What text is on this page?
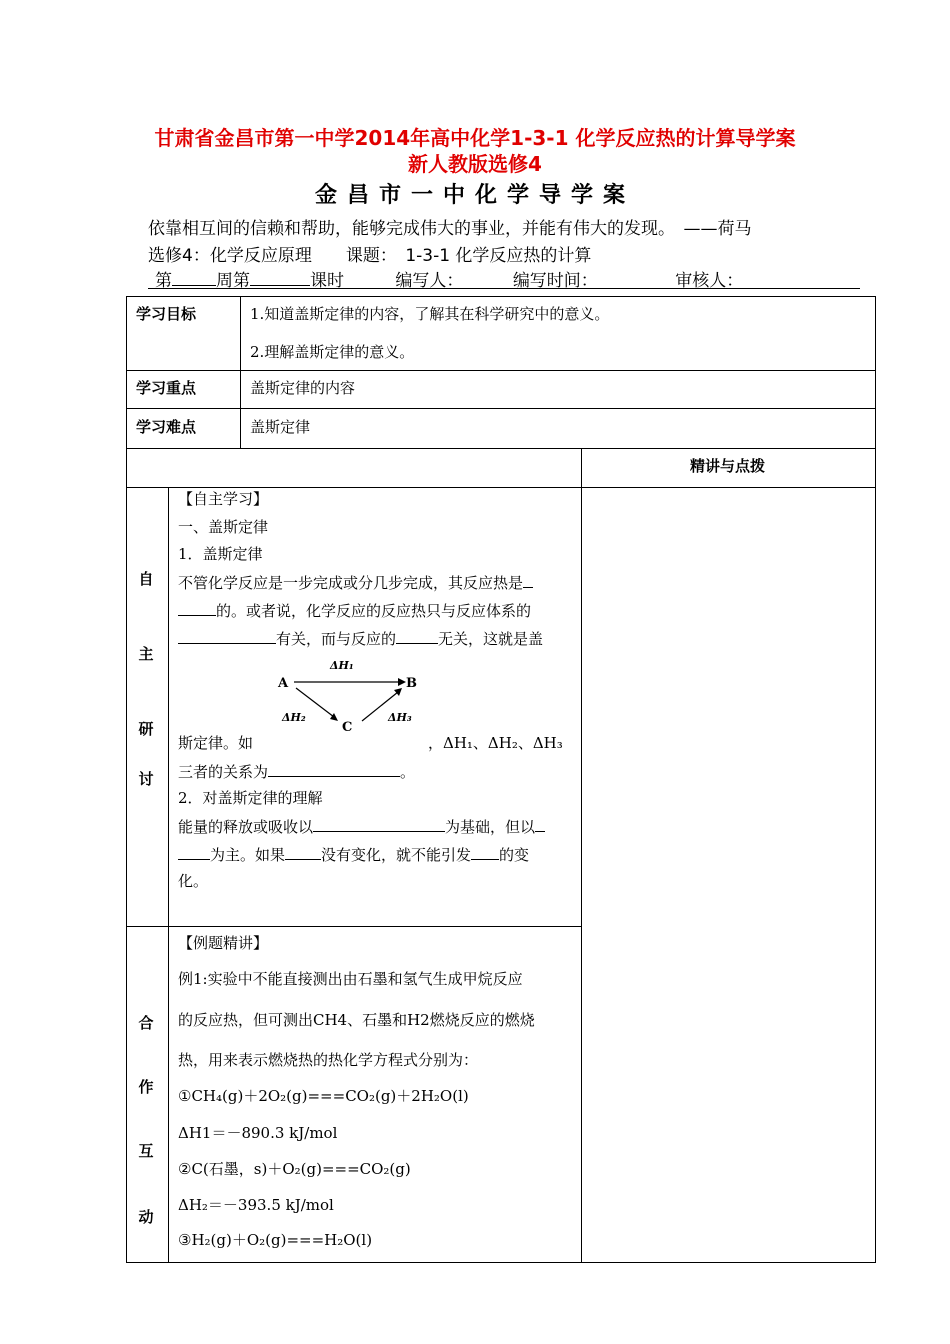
甘肃省金昌市第一中学2014年高中化学1-3-1 化学反应热的计算导学案
新人教版选修4
金昌市一中化学导学案
依靠相互间的信赖和帮助，能够完成伟大的事业，并能有伟大的发现。　——荷马
选修4：化学反应原理　　课题：　1-3-1 化学反应热的计算
第	周第	课时	编写人：	编写时间：	审核人：
学习目标	1.知道盖斯定律的内容，了解其在科学研究中的意义。
2.理解盖斯定律的意义。
学习重点	盖斯定律的内容
学习难点	盖斯定律
精讲与点拨
自
主
研
讨
【自主学习】
一、盖斯定律
1．盖斯定律
不管化学反应是一步完成或分几步完成，其反应热是
的。或者说，化学反应的反应热只与反应体系的
有关，而与反应的	无关，这就是盖
A	B
C
ΔH₁
ΔH₂	ΔH₃
斯定律。如	，ΔH₁、ΔH₂、ΔH₃
三者的关系为	。
2．对盖斯定律的理解
能量的释放或吸收以	为基础，但以
为主。如果 没有变化，就不能引发 的变
化。
合
作
互
动
【例题精讲】
例1:实验中不能直接测出由石墨和氢气生成甲烷反应
的反应热，但可测出CH4、石墨和H2燃烧反应的燃烧
热，用来表示燃烧热的热化学方程式分别为：
①CH₄(g)＋2O₂(g)===CO₂(g)＋2H₂O(l)
ΔH1＝－890.3 kJ/mol
②C(石墨，s)＋O₂(g)===CO₂(g)
ΔH₂＝－393.5 kJ/mol
③H₂(g)＋O₂(g)===H₂O(l)
